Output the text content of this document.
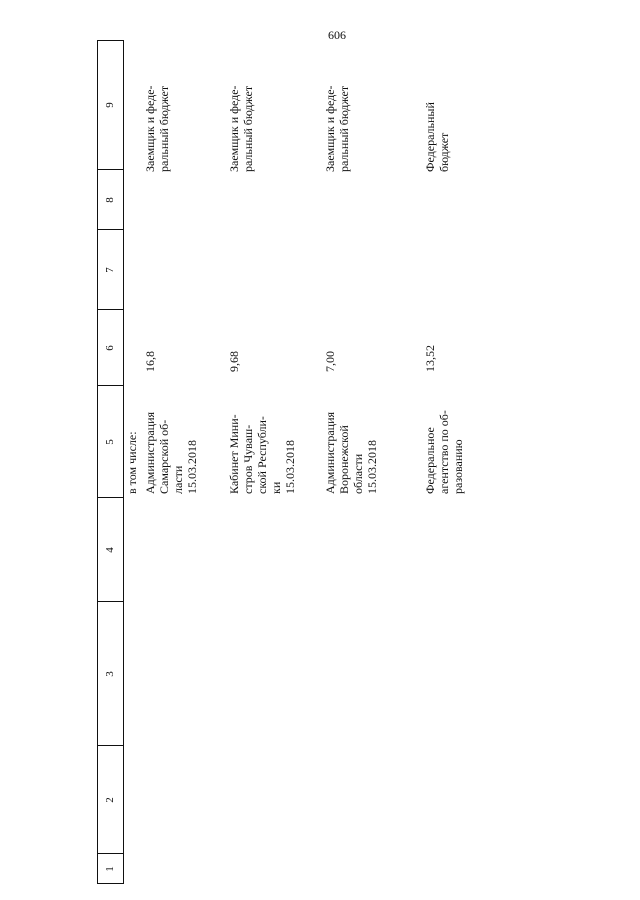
606
1
2
3
4
5
6
7
8
9
в том числе: Администрация
Самарской об-
ласти
15.03.2018
16,8
Заемщик и феде-
ральный бюджет
Кабинет Мини-
стров Чуваш-
ской Республи-
ки
15.03.2018
9,68
Заемщик и феде-
ральный бюджет
Администрация
Воронежской
области
15.03.2018
7,00
Заемщик и феде-
ральный бюджет
Федеральное
агентство по об-
разованию
13,52
Федеральный
бюджет
